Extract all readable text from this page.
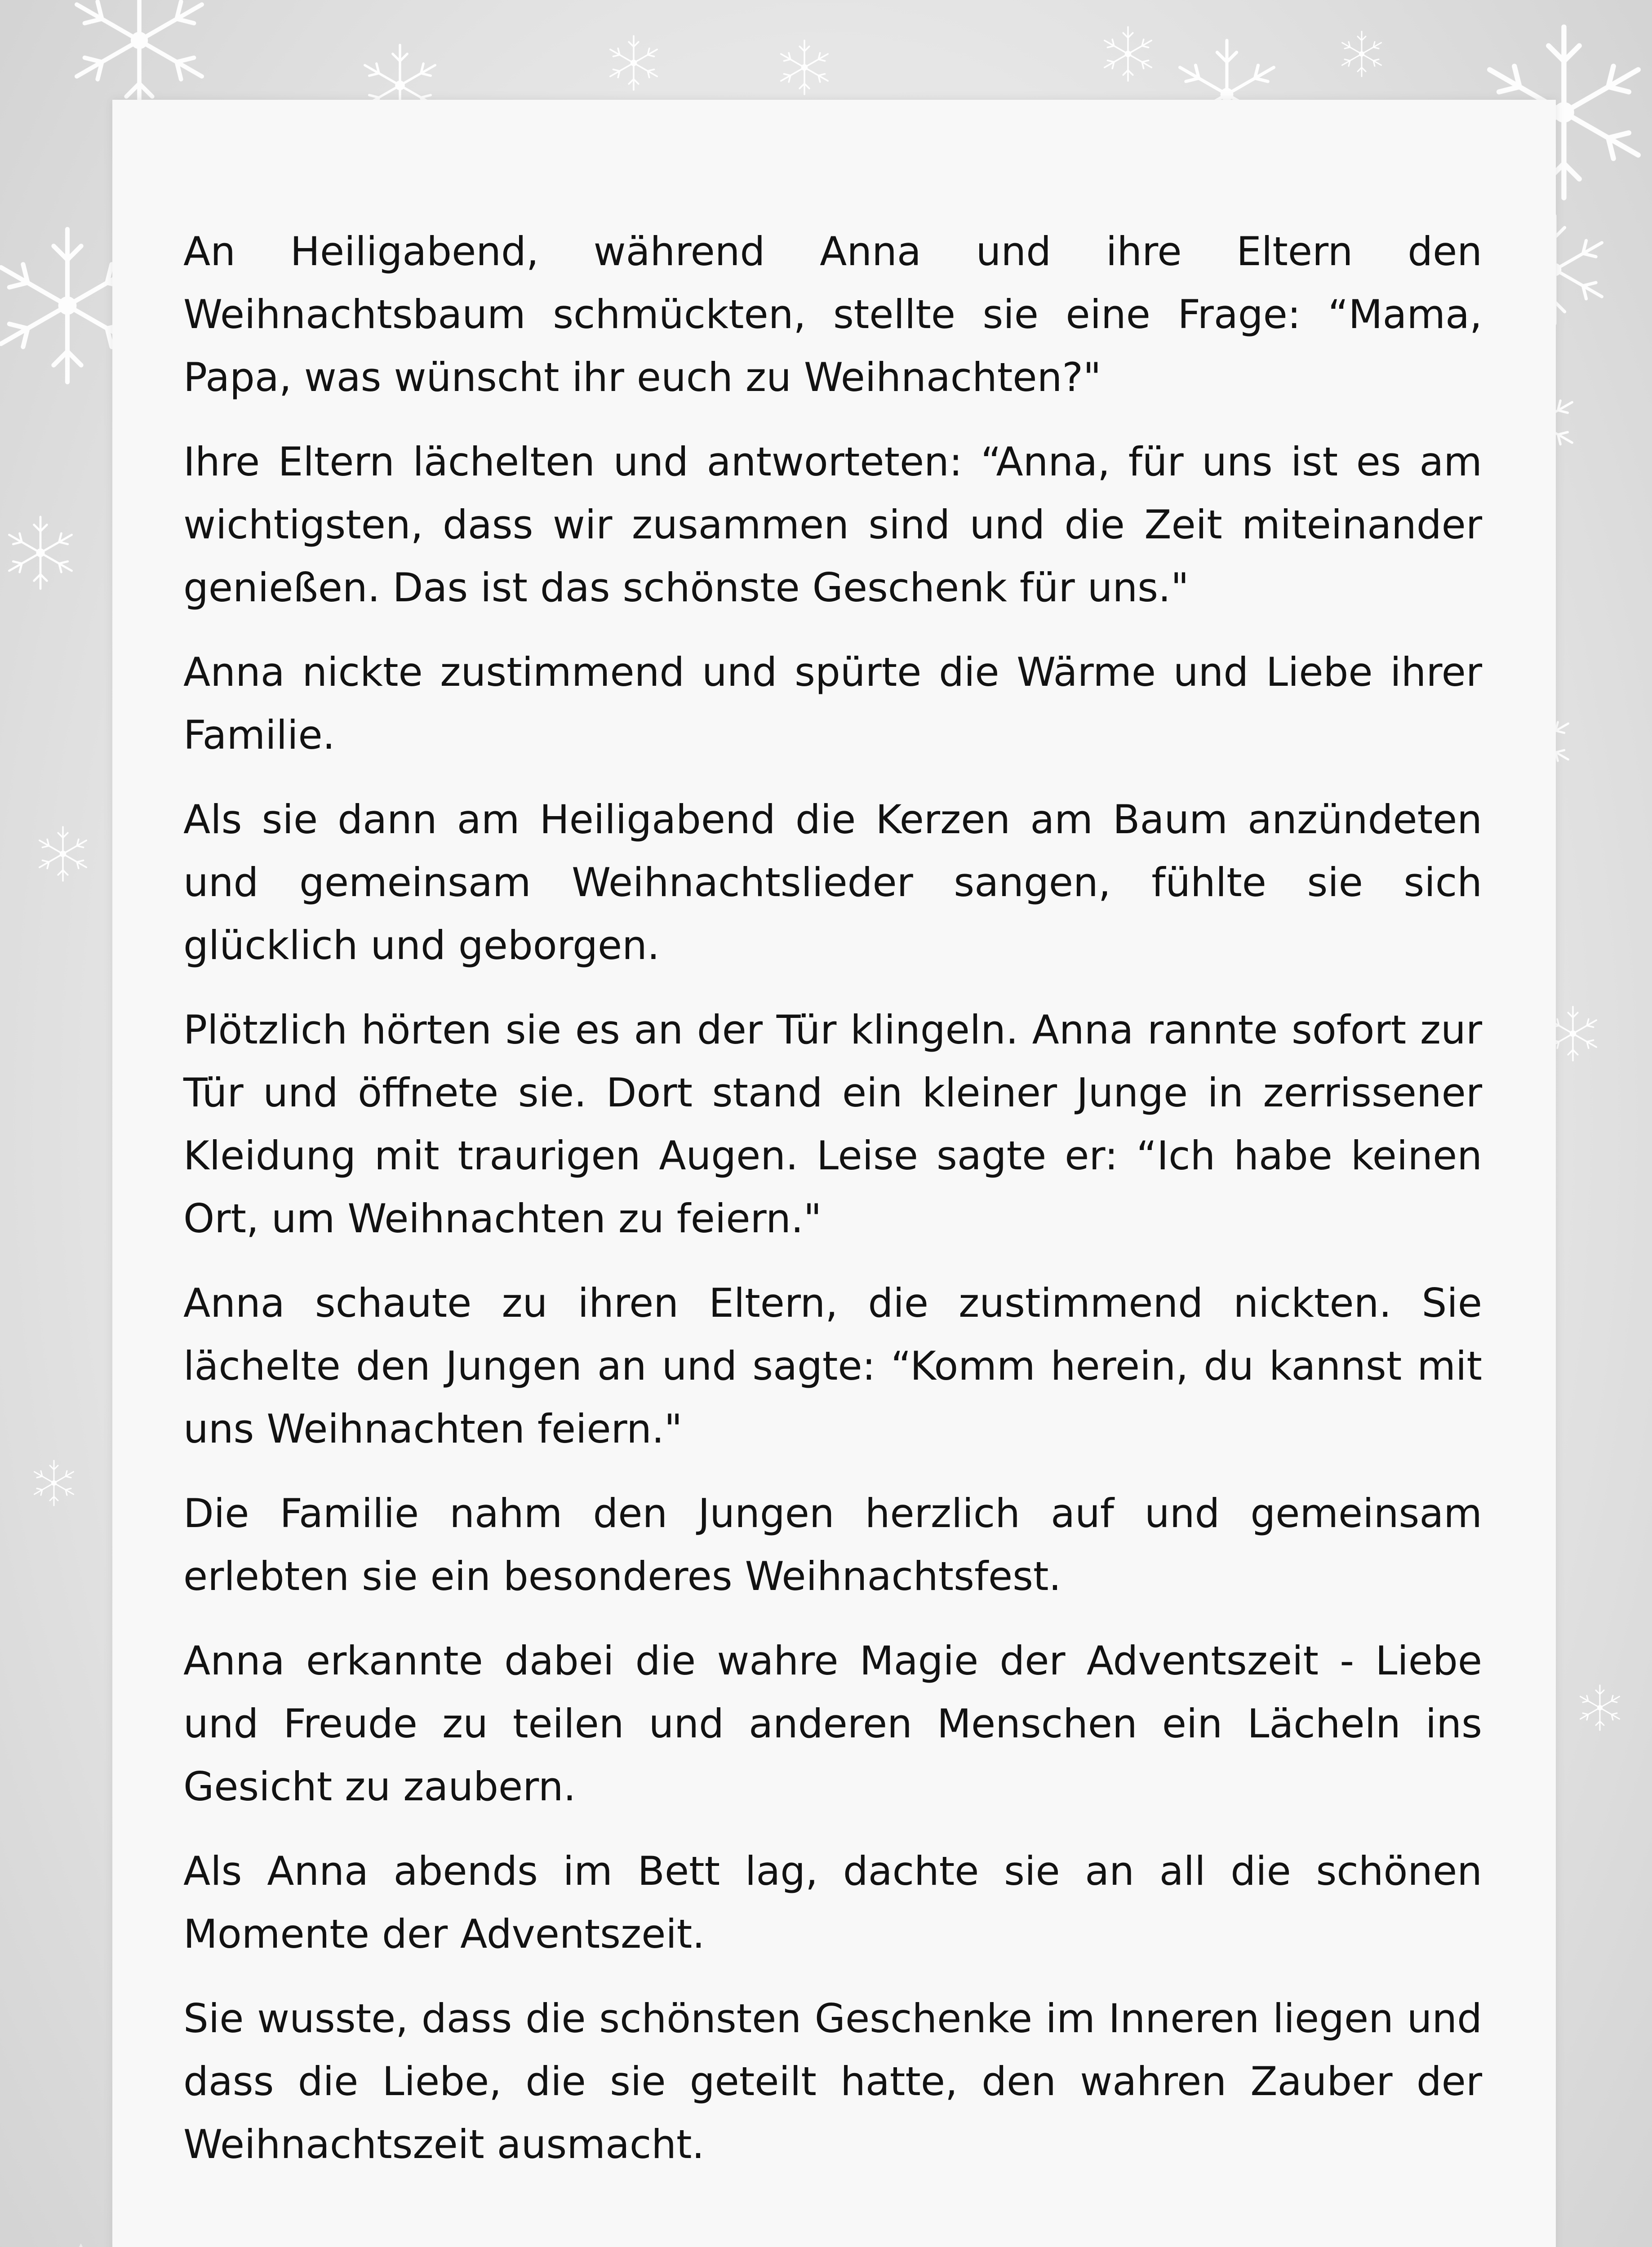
An Heiligabend, während Anna und ihre Eltern den Weihnachtsbaum schmückten, stellte sie eine Frage: “Mama, Papa, was wünscht ihr euch zu Weihnachten?"

Ihre Eltern lächelten und antworteten: “Anna, für uns ist es am wichtigsten, dass wir zusammen sind und die Zeit miteinander genießen. Das ist das schönste Geschenk für uns."

Anna nickte zustimmend und spürte die Wärme und Liebe ihrer Familie.

Als sie dann am Heiligabend die Kerzen am Baum anzündeten und gemeinsam Weihnachtslieder sangen, fühlte sie sich glücklich und geborgen.

Plötzlich hörten sie es an der Tür klingeln. Anna rannte sofort zur Tür und öffnete sie. Dort stand ein kleiner Junge in zerrissener Kleidung mit traurigen Augen. Leise sagte er: “Ich habe keinen Ort, um Weihnachten zu feiern."

Anna schaute zu ihren Eltern, die zustimmend nickten. Sie lächelte den Jungen an und sagte: “Komm herein, du kannst mit uns Weihnachten feiern."

Die Familie nahm den Jungen herzlich auf und gemeinsam erlebten sie ein besonderes Weihnachtsfest.

Anna erkannte dabei die wahre Magie der Adventszeit - Liebe und Freude zu teilen und anderen Menschen ein Lächeln ins Gesicht zu zaubern.

Als Anna abends im Bett lag, dachte sie an all die schönen Momente der Adventszeit.

Sie wusste, dass die schönsten Geschenke im Inneren liegen und dass die Liebe, die sie geteilt hatte, den wahren Zauber der Weihnachtszeit ausmacht.
